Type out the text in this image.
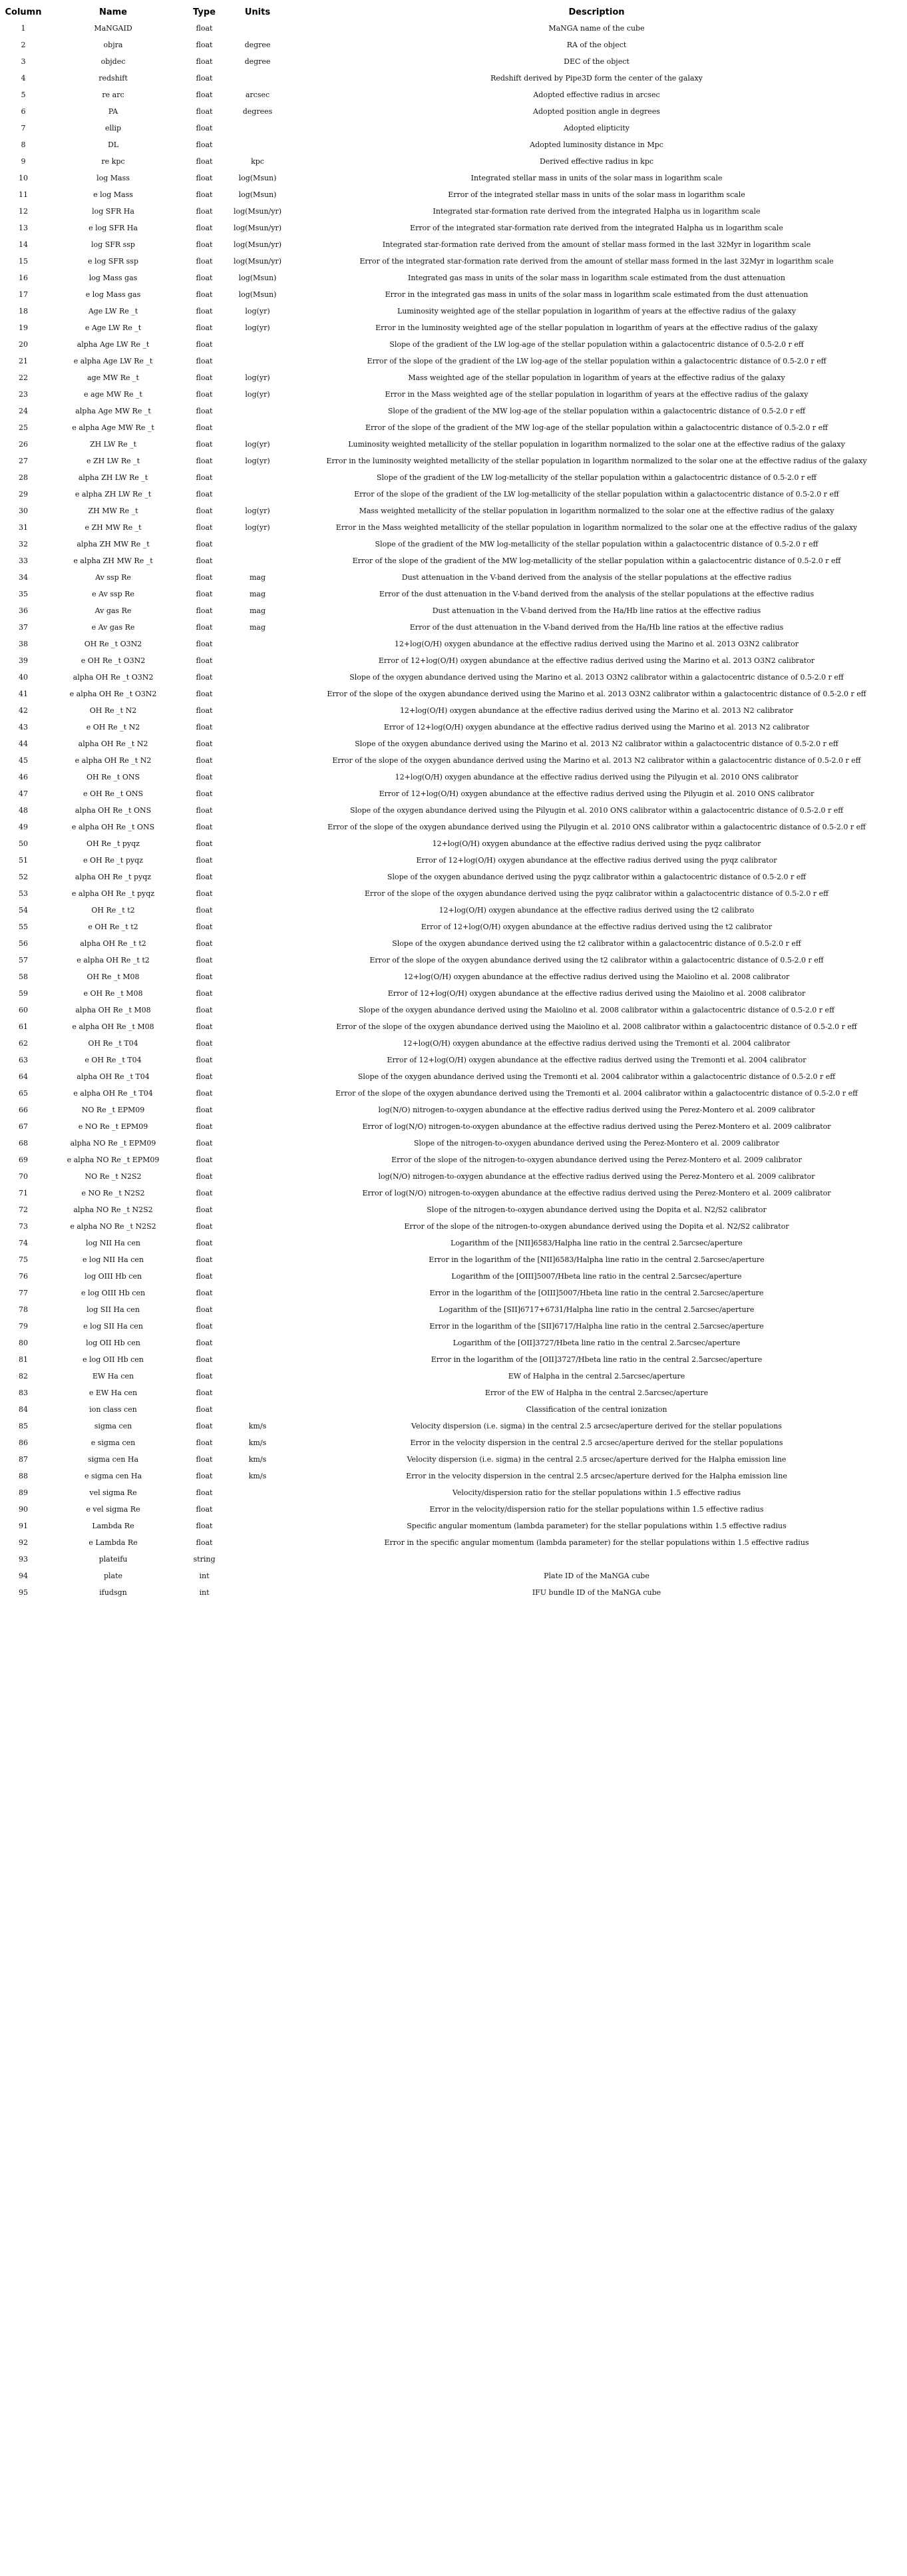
Column	Name	Type	Units	Description
1	MaNGAID	float		MaNGA name of the cube
2	objra	float	degree	RA of the object
3	objdec	float	degree	DEC of the object
4	redshift	float		Redshift derived by Pipe3D form the center of the galaxy
5	re arc	float	arcsec	Adopted effective radius in arcsec
6	PA	float	degrees	Adopted position angle in degrees
7	ellip	float		Adopted elipticity
8	DL	float		Adopted luminosity distance in Mpc
9	re kpc	float	kpc	Derived effective radius in kpc
10	log Mass	float	log(Msun)	Integrated stellar mass in units of the solar mass in logarithm scale
11	e log Mass	float	log(Msun)	Error of the integrated stellar mass in units of the solar mass in logarithm scale
12	log SFR Ha	float	log(Msun/yr)	Integrated star-formation rate derived from the integrated Halpha us in logarithm scale
13	e log SFR Ha	float	log(Msun/yr)	Error of the integrated star-formation rate derived from the integrated Halpha us in logarithm scale
14	log SFR ssp	float	log(Msun/yr)	Integrated star-formation rate derived from the amount of stellar mass formed in the last 32Myr in logarithm scale
15	e log SFR ssp	float	log(Msun/yr)	Error of the integrated star-formation rate derived from the amount of stellar mass formed in the last 32Myr in logarithm scale
16	log Mass gas	float	log(Msun)	Integrated gas mass in units of the solar mass in logarithm scale estimated from the dust attenuation
17	e log Mass gas	float	log(Msun)	Error in the integrated gas mass in units of the solar mass in logarithm scale estimated from the dust attenuation
18	Age LW Re _t	float	log(yr)	Luminosity weighted age of the stellar population in logarithm of years at the effective radius of the galaxy
19	e Age LW Re _t	float	log(yr)	Error in the luminosity weighted age of the stellar population in logarithm of years at the effective radius of the galaxy
20	alpha Age LW Re _t	float		Slope of the gradient of the LW log-age of the stellar population within a galactocentric distance of 0.5-2.0 r eff
21	e alpha Age LW Re _t	float		Error of the slope of the gradient of the LW log-age of the stellar population within a galactocentric distance of 0.5-2.0 r eff
22	age MW Re _t	float	log(yr)	Mass weighted age of the stellar population in logarithm of years at the effective radius of the galaxy
23	e age MW Re _t	float	log(yr)	Error in the Mass weighted age of the stellar population in logarithm of years at the effective radius of the galaxy
24	alpha Age MW Re _t	float		Slope of the gradient of the MW log-age of the stellar population within a galactocentric distance of 0.5-2.0 r eff
25	e alpha Age MW Re _t	float		Error of the slope of the gradient of the MW log-age of the stellar population within a galactocentric distance of 0.5-2.0 r eff
26	ZH LW Re _t	float	log(yr)	Luminosity weighted metallicity of the stellar population in logarithm normalized to the solar one at the effective radius of the galaxy
27	e ZH LW Re _t	float	log(yr)	Error in the luminosity weighted metallicity of the stellar population in logarithm normalized to the solar one at the effective radius of the galaxy
28	alpha ZH LW Re _t	float		Slope of the gradient of the LW log-metallicity of the stellar population within a galactocentric distance of 0.5-2.0 r eff
29	e alpha ZH LW Re _t	float		Error of the slope of the gradient of the LW log-metallicity of the stellar population within a galactocentric distance of 0.5-2.0 r eff
30	ZH MW Re _t	float	log(yr)	Mass weighted metallicity of the stellar population in logarithm normalized to the solar one at the effective radius of the galaxy
31	e ZH MW Re _t	float	log(yr)	Error in the Mass weighted metallicity of the stellar population in logarithm normalized to the solar one at the effective radius of the galaxy
32	alpha ZH MW Re _t	float		Slope of the gradient of the MW log-metallicity of the stellar population within a galactocentric distance of 0.5-2.0 r eff
33	e alpha ZH MW Re _t	float		Error of the slope of the gradient of the MW log-metallicity of the stellar population within a galactocentric distance of 0.5-2.0 r eff
34	Av ssp Re	float	mag	Dust attenuation in the V-band derived from the analysis of the stellar populations at the effective radius
35	e Av ssp Re	float	mag	Error of the dust attenuation in the V-band derived from the analysis of the stellar populations at the effective radius
36	Av gas Re	float	mag	Dust attenuation in the V-band derived from the Ha/Hb line ratios at the effective radius
37	e Av gas Re	float	mag	Error of the dust attenuation in the V-band derived from the Ha/Hb line ratios at the effective radius
38	OH Re _t O3N2	float		12+log(O/H) oxygen abundance at the effective radius derived using the Marino et al. 2013 O3N2 calibrator
39	e OH Re _t O3N2	float		Error of 12+log(O/H) oxygen abundance at the effective radius derived using the Marino et al. 2013 O3N2 calibrator
40	alpha OH Re _t O3N2	float		Slope of the oxygen abundance derived using the Marino et al. 2013 O3N2 calibrator within a galactocentric distance of 0.5-2.0 r eff
41	e alpha OH Re _t O3N2	float		Error of the slope of the oxygen abundance derived using the Marino et al. 2013 O3N2 calibrator within a galactocentric distance of 0.5-2.0 r eff
42	OH Re _t N2	float		12+log(O/H) oxygen abundance at the effective radius derived using the Marino et al. 2013 N2 calibrator
43	e OH Re _t N2	float		Error of 12+log(O/H) oxygen abundance at the effective radius derived using the Marino et al. 2013 N2 calibrator
44	alpha OH Re _t N2	float		Slope of the oxygen abundance derived using the Marino et al. 2013 N2 calibrator within a galactocentric distance of 0.5-2.0 r eff
45	e alpha OH Re _t N2	float		Error of the slope of the oxygen abundance derived using the Marino et al. 2013 N2 calibrator within a galactocentric distance of 0.5-2.0 r eff
46	OH Re _t ONS	float		12+log(O/H) oxygen abundance at the effective radius derived using the Pilyugin et al. 2010 ONS calibrator
47	e OH Re _t ONS	float		Error of 12+log(O/H) oxygen abundance at the effective radius derived using the Pilyugin et al. 2010 ONS calibrator
48	alpha OH Re _t ONS	float		Slope of the oxygen abundance derived using the Pilyugin et al. 2010 ONS calibrator within a galactocentric distance of 0.5-2.0 r eff
49	e alpha OH Re _t ONS	float		Error of the slope of the oxygen abundance derived using the Pilyugin et al. 2010 ONS calibrator within a galactocentric distance of 0.5-2.0 r eff
50	OH Re _t pyqz	float		12+log(O/H) oxygen abundance at the effective radius derived using the pyqz calibrator
51	e OH Re _t pyqz	float		Error of 12+log(O/H) oxygen abundance at the effective radius derived using the pyqz calibrator
52	alpha OH Re _t pyqz	float		Slope of the oxygen abundance derived using the pyqz calibrator within a galactocentric distance of 0.5-2.0 r eff
53	e alpha OH Re _t pyqz	float		Error of the slope of the oxygen abundance derived using the pyqz calibrator within a galactocentric distance of 0.5-2.0 r eff
54	OH Re _t t2	float		12+log(O/H) oxygen abundance at the effective radius derived using the t2 calibrato
55	e OH Re _t t2	float		Error of 12+log(O/H) oxygen abundance at the effective radius derived using the t2 calibrator
56	alpha OH Re _t t2	float		Slope of the oxygen abundance derived using the t2 calibrator within a galactocentric distance of 0.5-2.0 r eff
57	e alpha OH Re _t t2	float		Error of the slope of the oxygen abundance derived using the t2 calibrator within a galactocentric distance of 0.5-2.0 r eff
58	OH Re _t M08	float		12+log(O/H) oxygen abundance at the effective radius derived using the Maiolino et al. 2008 calibrator
59	e OH Re _t M08	float		Error of 12+log(O/H) oxygen abundance at the effective radius derived using the Maiolino et al. 2008 calibrator
60	alpha OH Re _t M08	float		Slope of the oxygen abundance derived using the Maiolino et al. 2008 calibrator within a galactocentric distance of 0.5-2.0 r eff
61	e alpha OH Re _t M08	float		Error of the slope of the oxygen abundance derived using the Maiolino et al. 2008 calibrator within a galactocentric distance of 0.5-2.0 r eff
62	OH Re _t T04	float		12+log(O/H) oxygen abundance at the effective radius derived using the Tremonti et al. 2004 calibrator
63	e OH Re _t T04	float		Error of 12+log(O/H) oxygen abundance at the effective radius derived using the Tremonti et al. 2004 calibrator
64	alpha OH Re _t T04	float		Slope of the oxygen abundance derived using the Tremonti et al. 2004 calibrator within a galactocentric distance of 0.5-2.0 r eff
65	e alpha OH Re _t T04	float		Error of the slope of the oxygen abundance derived using the Tremonti et al. 2004 calibrator within a galactocentric distance of 0.5-2.0 r eff
66	NO Re _t EPM09	float		log(N/O) nitrogen-to-oxygen abundance at the effective radius derived using the Perez-Montero et al. 2009 calibrator
67	e NO Re _t EPM09	float		Error of log(N/O) nitrogen-to-oxygen abundance at the effective radius derived using the Perez-Montero et al. 2009 calibrator
68	alpha NO Re _t EPM09	float		Slope of the nitrogen-to-oxygen abundance derived using the Perez-Montero et al. 2009 calibrator
69	e alpha NO Re _t EPM09	float		Error of the slope of the nitrogen-to-oxygen abundance derived using the Perez-Montero et al. 2009 calibrator
70	NO Re _t N2S2	float		log(N/O) nitrogen-to-oxygen abundance at the effective radius derived using the Perez-Montero et al. 2009 calibrator
71	e NO Re _t N2S2	float		Error of log(N/O) nitrogen-to-oxygen abundance at the effective radius derived using the Perez-Montero et al. 2009 calibrator
72	alpha NO Re _t N2S2	float		Slope of the nitrogen-to-oxygen abundance derived using the Dopita et al. N2/S2 calibrator
73	e alpha NO Re _t N2S2	float		Error of the slope of the nitrogen-to-oxygen abundance derived using the Dopita et al. N2/S2 calibrator
74	log NII Ha cen	float		Logarithm of the [NII]6583/Halpha line ratio in the central 2.5arcsec/aperture
75	e log NII Ha cen	float		Error in the logarithm of the [NII]6583/Halpha line ratio in the central 2.5arcsec/aperture
76	log OIII Hb cen	float		Logarithm of the [OIII]5007/Hbeta line ratio in the central 2.5arcsec/aperture
77	e log OIII Hb cen	float		Error in the logarithm of the [OIII]5007/Hbeta line ratio in the central 2.5arcsec/aperture
78	log SII Ha cen	float		Logarithm of the [SII]6717+6731/Halpha line ratio in the central 2.5arcsec/aperture
79	e log SII Ha cen	float		Error in the logarithm of the [SII]6717/Halpha line ratio in the central 2.5arcsec/aperture
80	log OII Hb cen	float		Logarithm of the [OII]3727/Hbeta line ratio in the central 2.5arcsec/aperture
81	e log OII Hb cen	float		Error in the logarithm of the [OII]3727/Hbeta line ratio in the central 2.5arcsec/aperture
82	EW Ha cen	float		EW of Halpha in the central 2.5arcsec/aperture
83	e EW Ha cen	float		Error of the EW of Halpha in the central 2.5arcsec/aperture
84	ion class cen	float		Classification of the central ionization
85	sigma cen	float	km/s	Velocity dispersion (i.e. sigma) in the central 2.5 arcsec/aperture derived for the stellar populations
86	e sigma cen	float	km/s	Error in the velocity dispersion in the central 2.5 arcsec/aperture derived for the stellar populations
87	sigma cen Ha	float	km/s	Velocity dispersion (i.e. sigma) in the central 2.5 arcsec/aperture derived for the Halpha emission line
88	e sigma cen Ha	float	km/s	Error in the velocity dispersion in the central 2.5 arcsec/aperture derived for the Halpha emission line
89	vel sigma Re	float		Velocity/dispersion ratio for the stellar populations within 1.5 effective radius
90	e vel sigma Re	float		Error in the velocity/dispersion ratio for the stellar populations within 1.5 effective radius
91	Lambda Re	float		Specific angular momentum (lambda parameter) for the stellar populations within 1.5 effective radius
92	e Lambda Re	float		Error in the specific angular momentum (lambda parameter) for the stellar populations within 1.5 effective radius
93	plateifu	string		
94	plate	int		Plate ID of the MaNGA cube
95	ifudsgn	int		IFU bundle ID of the MaNGA cube
